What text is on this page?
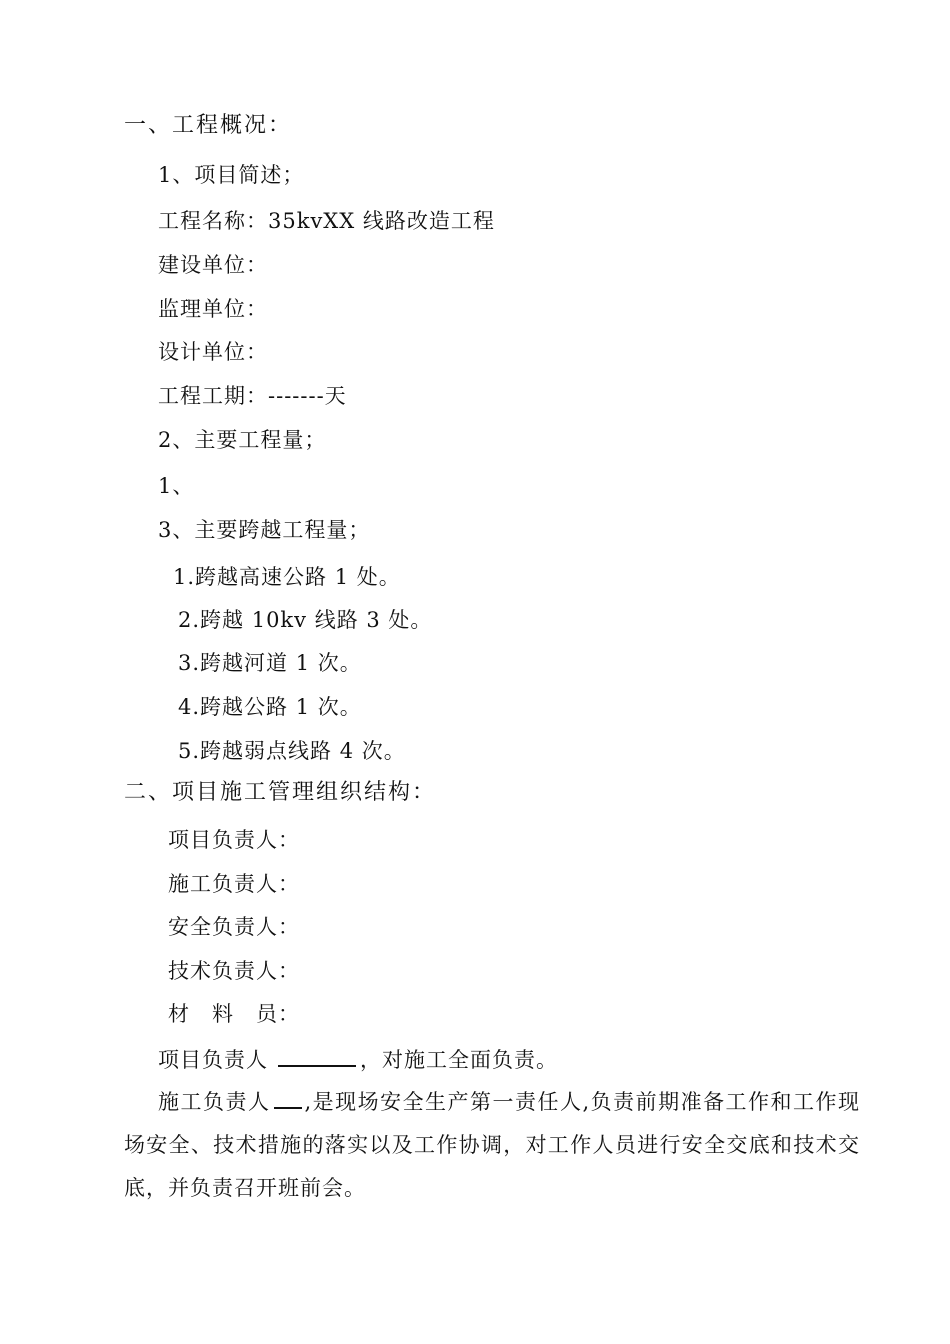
一、工程概况：
1、项目简述；
工程名称：35kvXX 线路改造工程
建设单位：
监理单位：
设计单位：
工程工期：-------天
2、主要工程量；
1、
3、主要跨越工程量；
1.跨越高速公路 1 处。
2.跨越 10kv 线路 3 处。
3.跨越河道 1 次。
4.跨越公路 1 次。
5.跨越弱点线路 4 次。
二、项目施工管理组织结构：
项目负责人：
施工负责人：
安全负责人：
技术负责人：
材　料　员：
项目负责人	，对施工全面负责。
施工负责人 ,是现场安全生产第一责任人,负责前期准备工作和工作现场安全、技术措施的落实以及工作协调，对工作人员进行安全交底和技术交底，并负责召开班前会。
